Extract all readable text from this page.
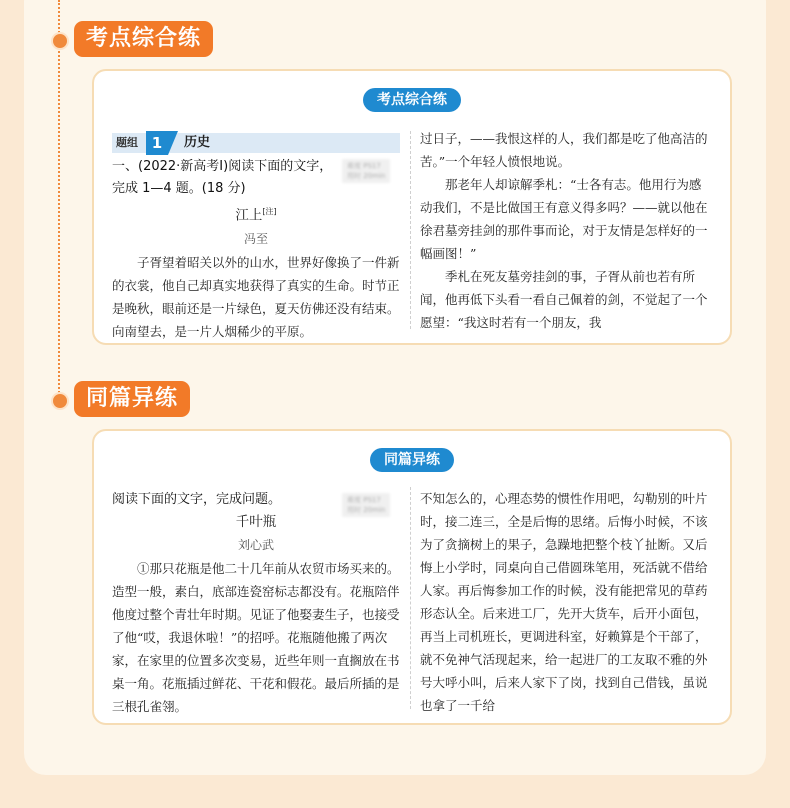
考点综合练
考点综合练
题组 1	历史
一、(2022·新高考Ⅰ)阅读下面的文字，
完成 1—4 题。(18 分)
江上[注]
冯至

子胥望着昭关以外的山水，世界好像换了一件新的衣裳，他自己却真实地获得了真实的生命。时节正是晚秋，眼前还是一片绿色，夏天仿佛还没有结束。向南望去，是一片人烟稀少的平原。

难度 PS17
用时 20min

过日子，——我恨这样的人，我们都是吃了他高洁的苦。”一个年轻人愤恨地说。

那老年人却谅解季札：“士各有志。他用行为感动我们，不是比做国王有意义得多吗？——就以他在徐君墓旁挂剑的那件事而论，对于友情是怎样好的一幅画图！”

季札在死友墓旁挂剑的事，子胥从前也若有所闻，他再低下头看一看自己佩着的剑，不觉起了一个愿望：“我这时若有一个朋友，我

同篇异练
同篇异练
阅读下面的文字，完成问题。
千叶瓶
刘心武

①那只花瓶是他二十几年前从农贸市场买来的。造型一般，素白，底部连瓷窑标志都没有。花瓶陪伴他度过整个青壮年时期。见证了他娶妻生子，也接受了他“哎，我退休啦！”的招呼。花瓶随他搬了两次家，在家里的位置多次变易，近些年则一直搁放在书桌一角。花瓶插过鲜花、干花和假花。最后所插的是三根孔雀翎。

难度 PS17
用时 20min

不知怎么的，心理态势的惯性作用吧，勾勒别的叶片时，接二连三，全是后悔的思绪。后悔小时候，不该为了贪摘树上的果子，急躁地把整个枝丫扯断。又后悔上小学时，同桌向自己借圆珠笔用，死活就不借给人家。再后悔参加工作的时候，没有能把常见的草药形态认全。后来进工厂，先开大货车，后开小面包，再当上司机班长，更调进科室，好赖算是个干部了，就不免神气活现起来，给一起进厂的工友取不雅的外号大呼小叫，后来人家下了岗，找到自己借钱，虽说也拿了一千给
